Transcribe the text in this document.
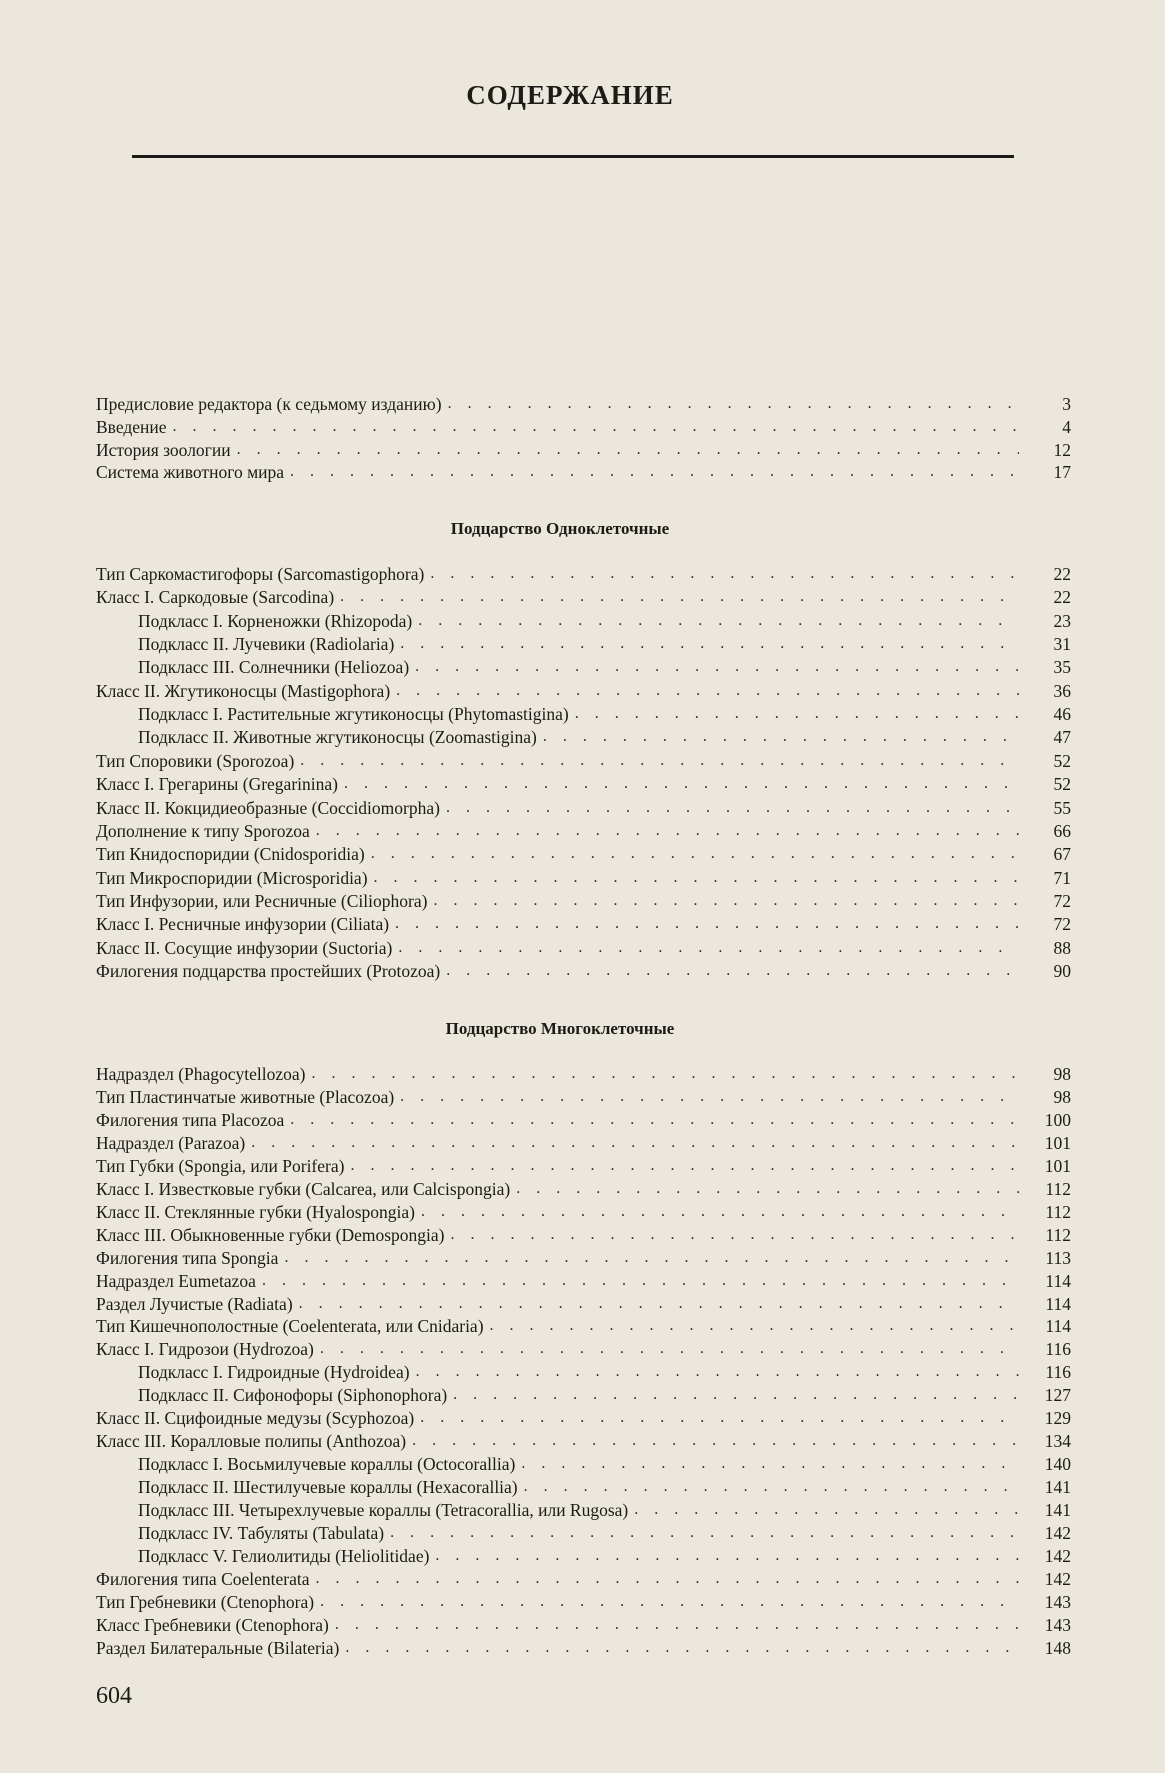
СОДЕРЖАНИЕ
Подцарство Одноклеточные
Подцарство Многоклеточные
Предисловие редактора (к седьмому изданию) . . .	3
Введение . . .	4
История зоологии . . .	12
Система животного мира . . .	17
Тип Саркомастигофоры (Sarcomastigophora) . . .	22
Класс I. Саркодовые (Sarcodina) . . .	22
Подкласс I. Корненожки (Rhizopoda) . . .	23
Подкласс II. Лучевики (Radiolaria) . . .	31
Подкласс III. Солнечники (Heliozoa) . . .	35
Класс II. Жгутиконосцы (Mastigophora) . . .	36
Подкласс I. Растительные жгутиконосцы (Phytomastigina) . . .	46
Подкласс II. Животные жгутиконосцы (Zoomastigina) . . .	47
Тип Споровики (Sporozoa) . . .	52
Класс I. Грегарины (Gregarinina) . . .	52
Класс II. Кокцидиеобразные (Coccidiomorpha) . . .	55
Дополнение к типу Sporozoa . . .	66
Тип Книдоспоридии (Cnidosporidia) . . .	67
Тип Микроспоридии (Microsporidia) . . .	71
Тип Инфузории, или Ресничные (Ciliophora) . . .	72
Класс I. Ресничные инфузории (Ciliata) . . .	72
Класс II. Сосущие инфузории (Suctoria) . . .	88
Филогения подцарства простейших (Protozoa) . . .	90
Надраздел (Phagocytellozoa) . . .	98
Тип Пластинчатые животные (Placozoa) . . .	98
Филогения типа Placozoa . . .	100
Надраздел (Parazoa) . . .	101
Тип Губки (Spongia, или Porifera) . . .	101
Класс I. Известковые губки (Calcarea, или Calcispongia) . . .	112
Класс II. Стеклянные губки (Hyalospongia) . . .	112
Класс III. Обыкновенные губки (Demospongia) . . .	112
Филогения типа Spongia . . .	113
Надраздел Eumetazoa . . .	114
Раздел Лучистые (Radiata) . . .	114
Тип Кишечнополостные (Coelenterata, или Cnidaria) . . .	114
Класс I. Гидрозои (Hydrozoa) . . .	116
Подкласс I. Гидроидные (Hydroidea) . . .	116
Подкласс II. Сифонофоры (Siphonophora) . . .	127
Класс II. Сцифоидные медузы (Scyphozoa) . . .	129
Класс III. Коралловые полипы (Anthozoa) . . .	134
Подкласс I. Восьмилучевые кораллы (Octocorallia) . . .	140
Подкласс II. Шестилучевые кораллы (Hexacorallia) . . .	141
Подкласс III. Четырехлучевые кораллы (Tetracorallia, или Rugosa) . . .	141
Подкласс IV. Табуляты (Tabulata) . . .	142
Подкласс V. Гелиолитиды (Heliolitidae) . . .	142
Филогения типа Coelenterata . . .	142
Тип Гребневики (Ctenophora) . . .	143
Класс Гребневики (Ctenophora) . . .	143
Раздел Билатеральные (Bilateria) . . .	148
604
